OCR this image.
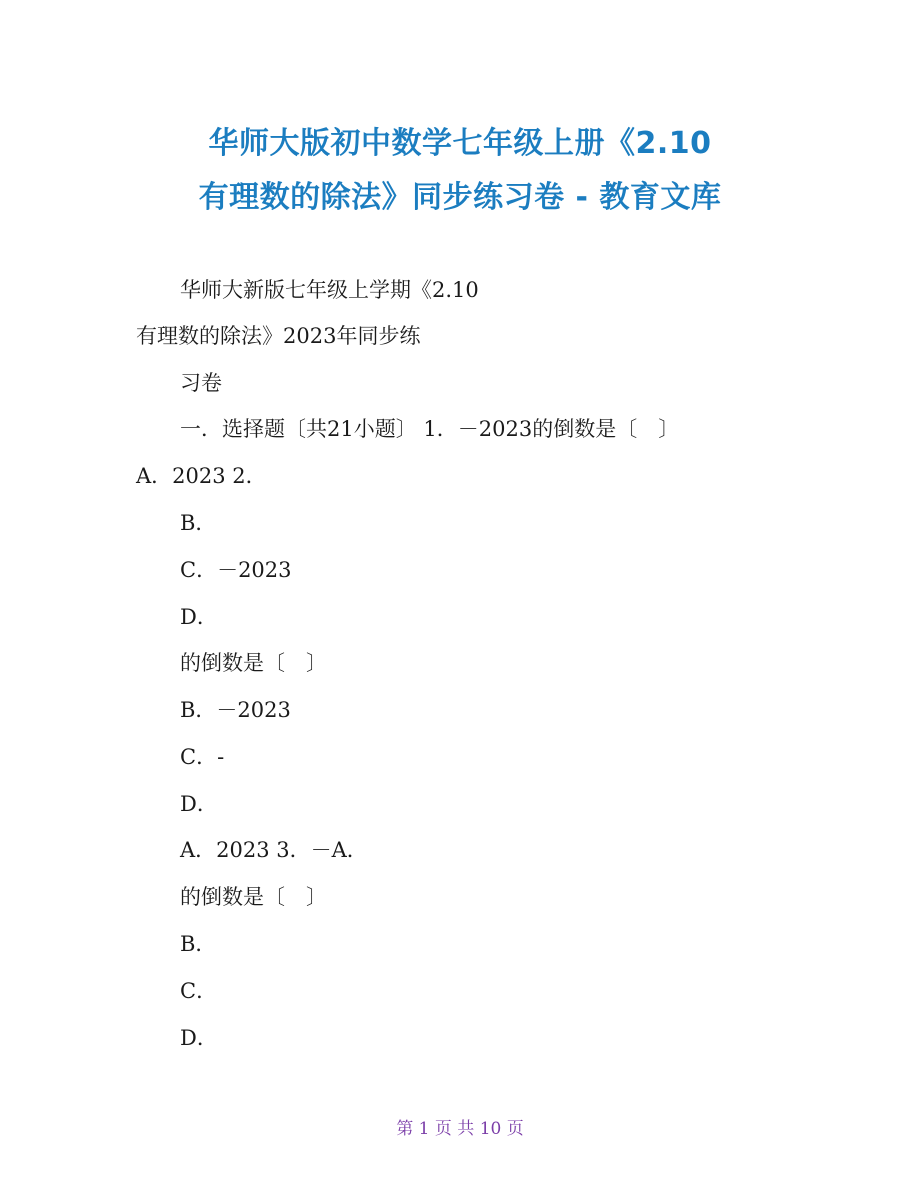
华师大版初中数学七年级上册《2.10
有理数的除法》同步练习卷 - 教育文库
华师大新版七年级上学期《2.10
有理数的除法》2023年同步练
习卷
一．选择题〔共21小题〕 1．－2023的倒数是〔　〕
A．2023 2．
B．
C．－2023
D．
的倒数是〔　〕
B．－2023
C．-
D．
A．2023 3．－A．
的倒数是〔　〕
B．
C．
D．
第 1 页 共 10 页
